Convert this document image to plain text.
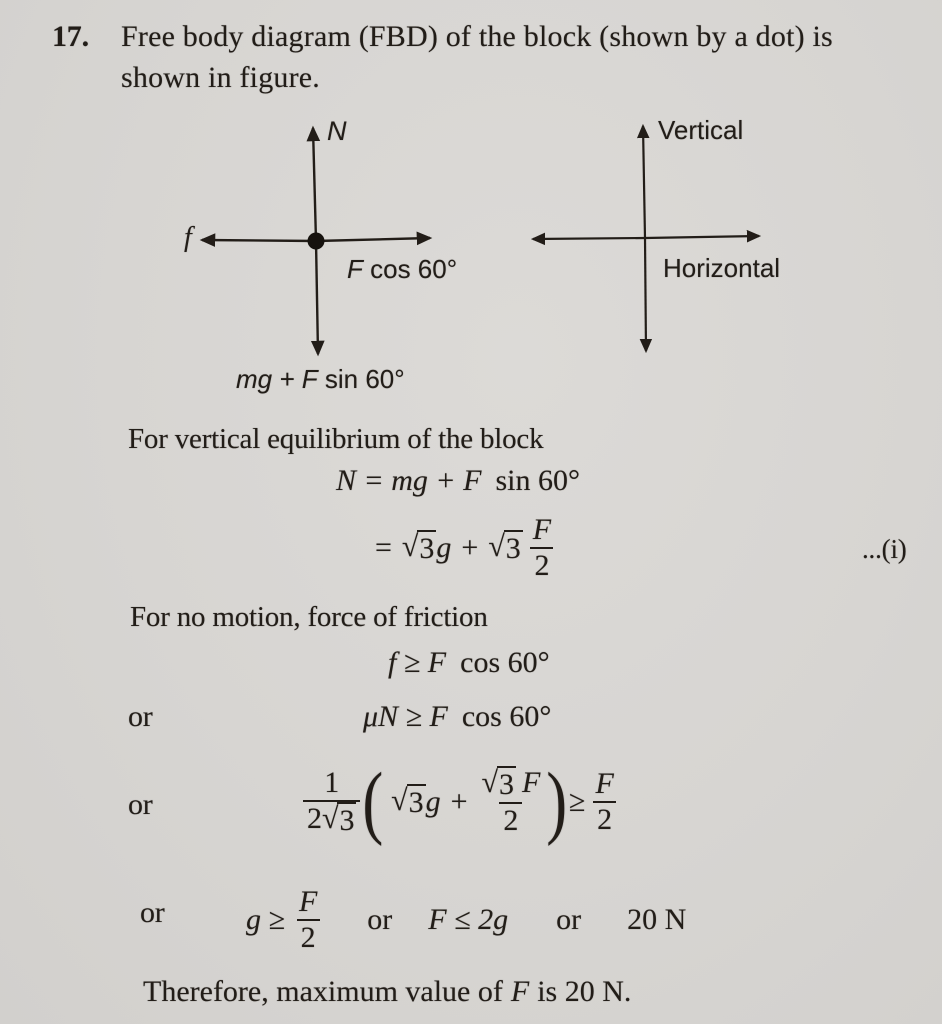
17. Free body diagram (FBD) of the block (shown by a dot) is
shown in figure.
N
f
F cos 60°
mg + F sin 60°
Vertical
Horizontal
For vertical equilibrium of the block
N = mg + F sin 60°
= √ 3 g + √ $3 \frac{F}{2}$	...(i)
For no motion, force of friction
f ≥ F cos 60°
or	μN ≥ F cos 60°
or	$\frac{1}{2 √ 3}$ ( √ 3 $g + \frac{√ 3 F}{2}$ ) ≥ $\frac{F}{2}$
or	$g \ge \frac{F}{2}$ or F ≤ 2g or 20 N
Therefore, maximum value of F is 20 N.
